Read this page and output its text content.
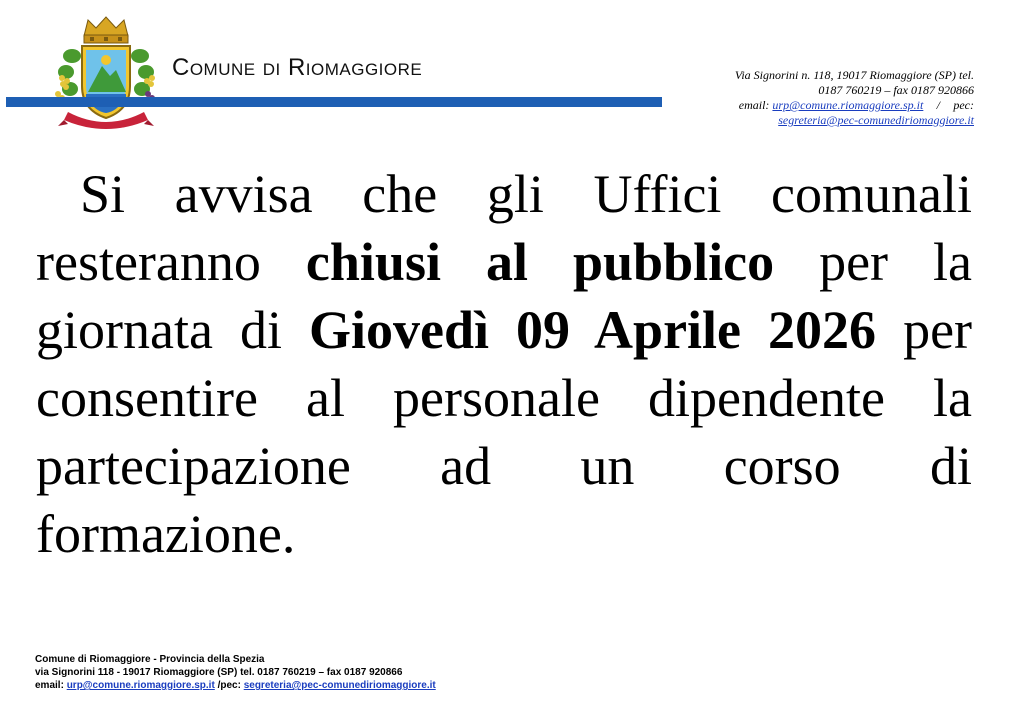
Comune di Riomaggiore	Via Signorini n. 118, 19017 Riomaggiore (SP) tel.
0187 760219 – fax 0187 920866
email: urp@comune.riomaggiore.sp.it / pec:
segreteria@pec-comunediriomaggiore.it
Si avvisa che gli Uffici comunali
resteranno chiusi al pubblico per la
giornata di Giovedì 09 Aprile 2026 per
consentire al personale dipendente la
partecipazione ad un corso di
formazione.
Comune di Riomaggiore - Provincia della Spezia
via Signorini 118 - 19017 Riomaggiore (SP) tel. 0187 760219 – fax 0187 920866
email: urp@comune.riomaggiore.sp.it /pec: segreteria@pec-comunediriomaggiore.it
